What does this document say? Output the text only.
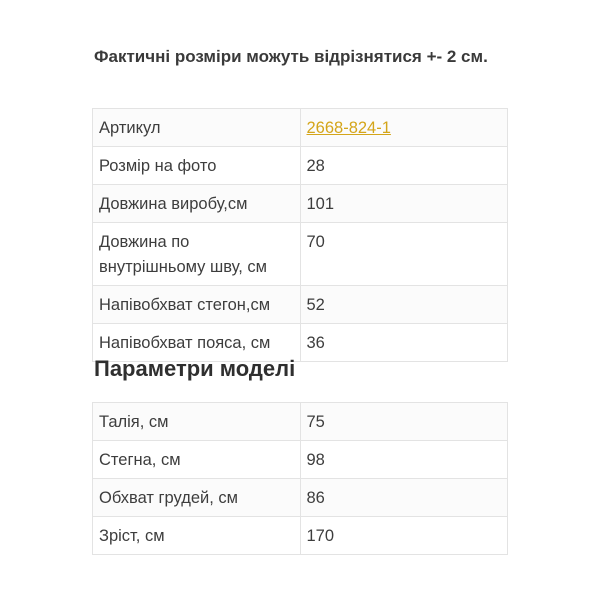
Фактичні розміри можуть відрізнятися +- 2 см.

Артикул	2668-824-1
Розмір на фото	28
Довжина виробу,см	101
Довжина по внутрішньому шву, см	70
Напівобхват стегон,см	52
Напівобхват пояса, см	36
Параметри моделі
Талія, см	75
Стегна, см	98
Обхват грудей, см	86
Зріст, см	170
